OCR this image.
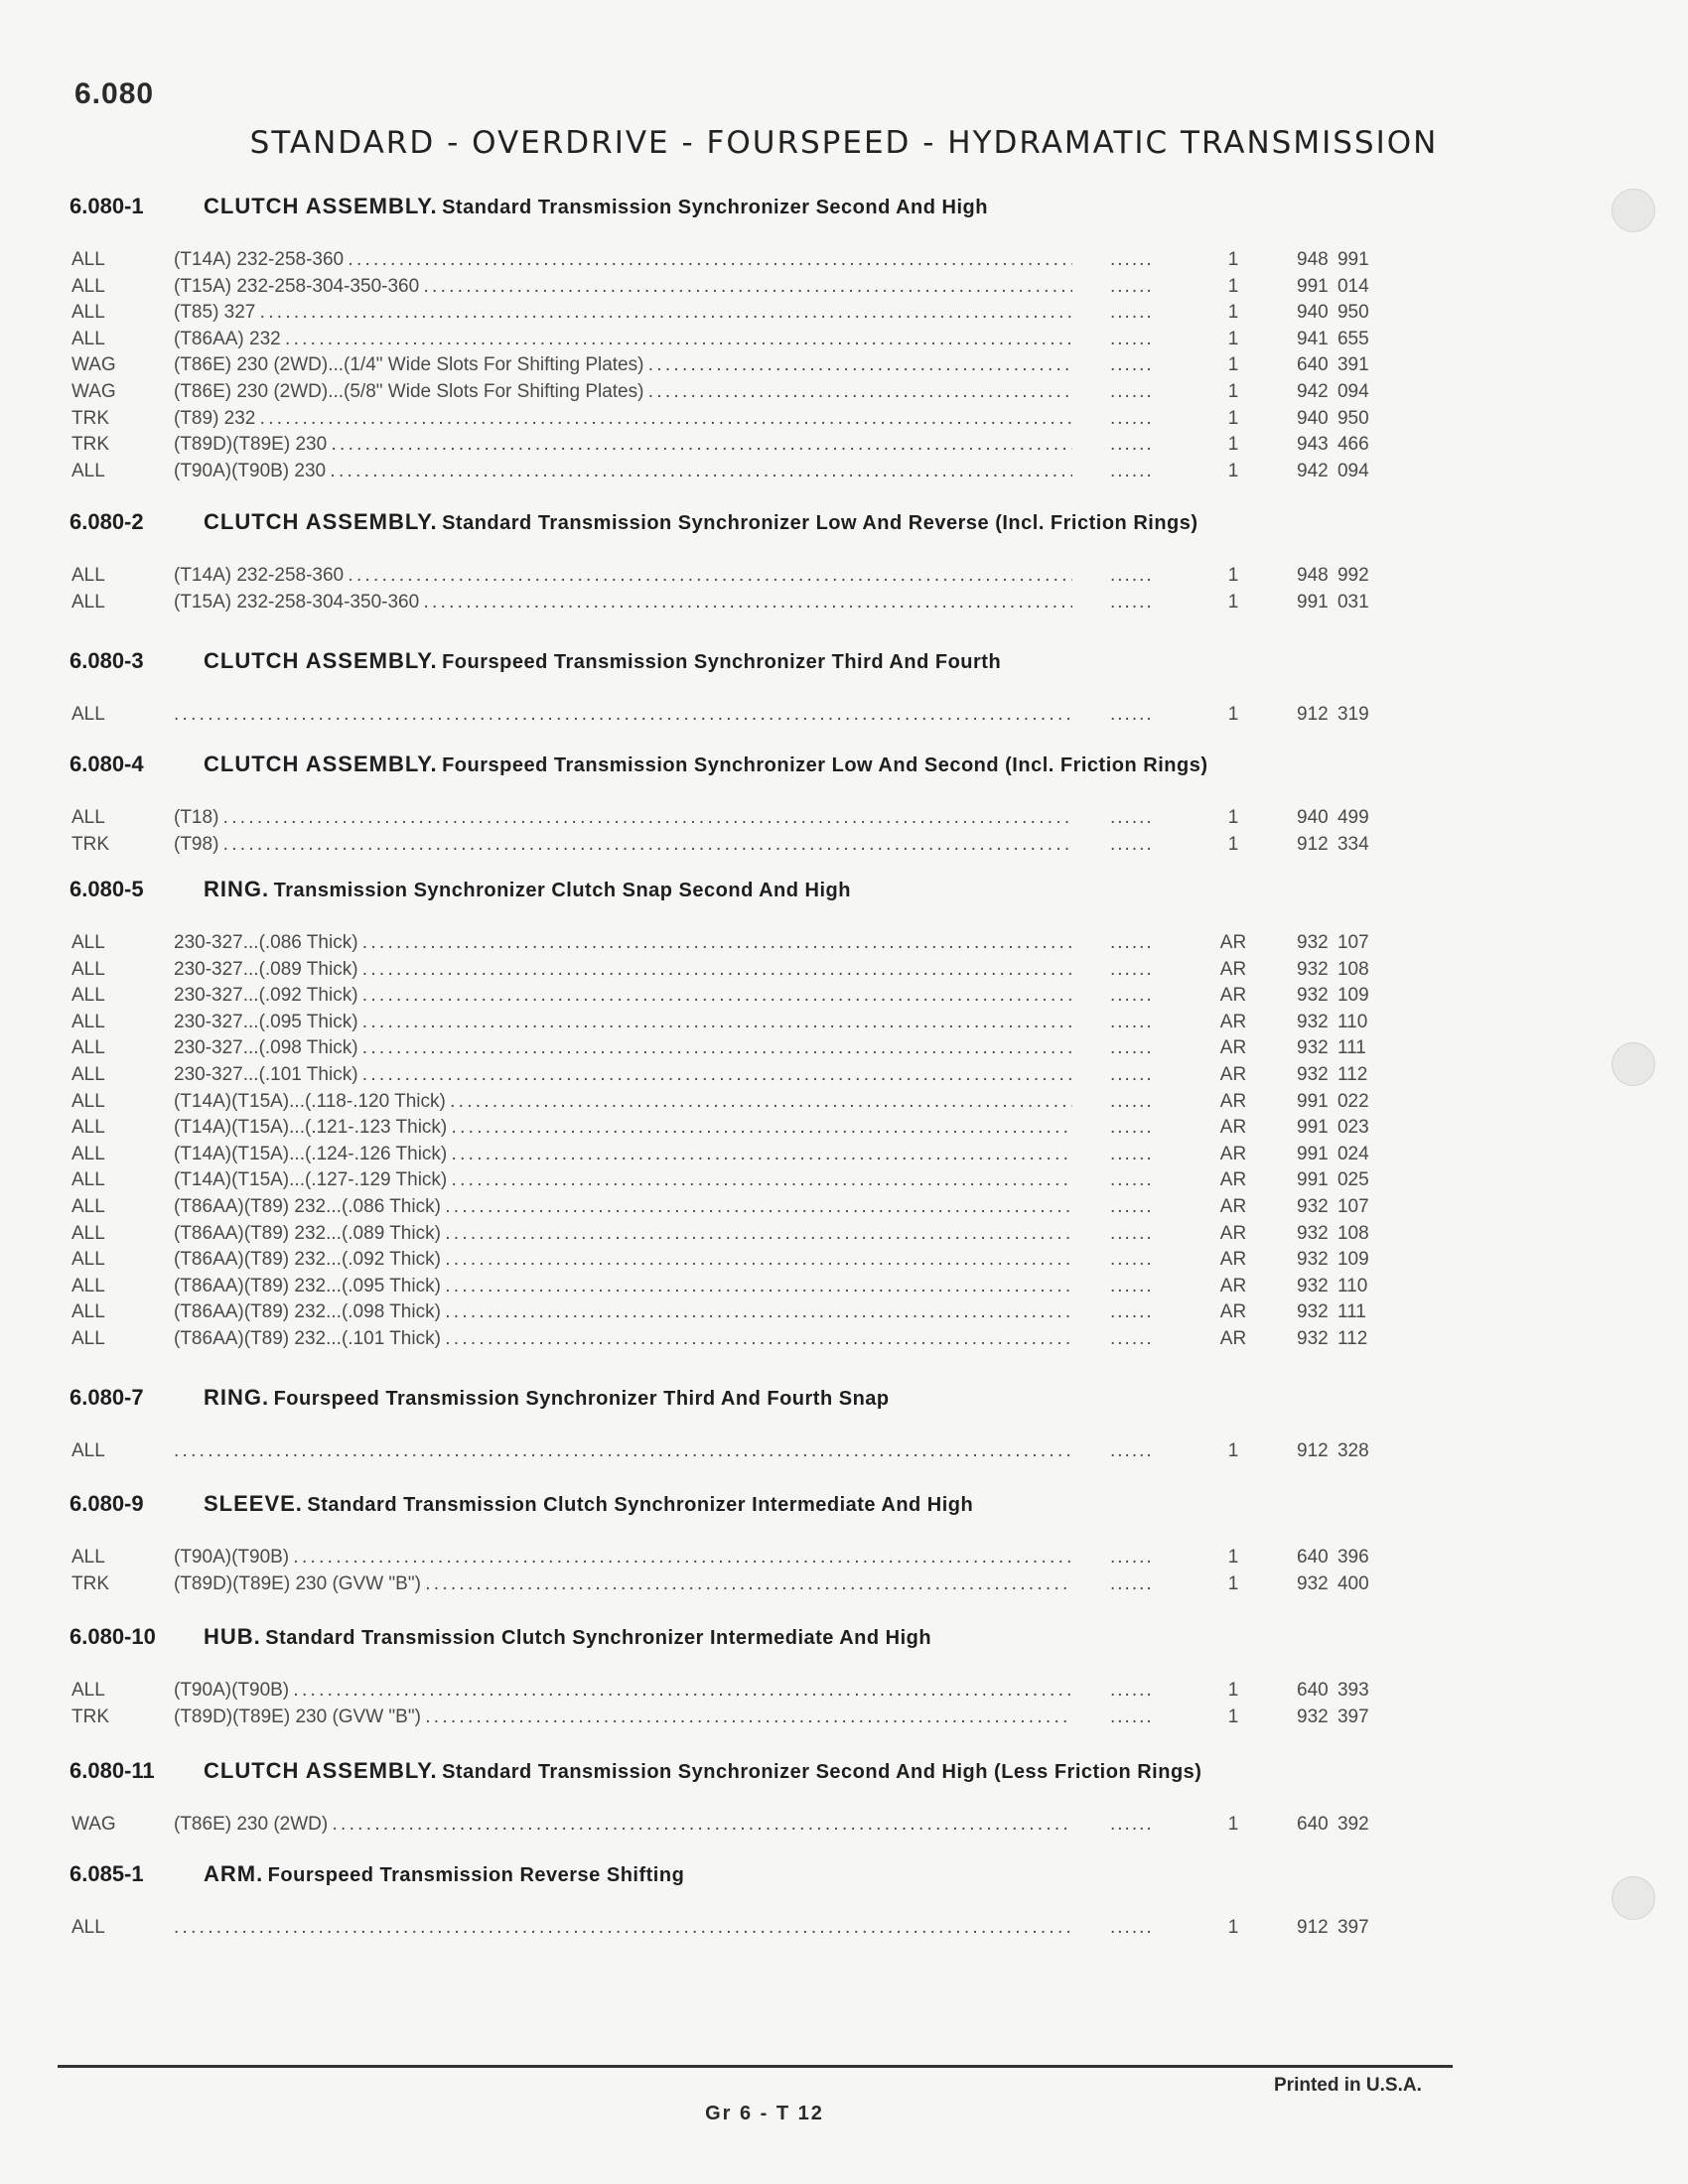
6.080
STANDARD - OVERDRIVE - FOURSPEED - HYDRAMATIC TRANSMISSION
6.080-1	CLUTCH ASSEMBLY. Standard Transmission Synchronizer Second And High
ALL	(T14A) 232-258-360 . . .	......	1	948 991
ALL	(T15A) 232-258-304-350-360 . . .	......	1	991 014
ALL	(T85) 327 . . .	......	1	940 950
ALL	(T86AA) 232 . . .	......	1	941 655
WAG	(T86E) 230 (2WD)...(1/4" Wide Slots For Shifting Plates) . . .	......	1	640 391
WAG	(T86E) 230 (2WD)...(5/8" Wide Slots For Shifting Plates) . . .	......	1	942 094
TRK	(T89) 232 . . .	......	1	940 950
TRK	(T89D)(T89E) 230 . . .	......	1	943 466
ALL	(T90A)(T90B) 230 . . .	......	1	942 094
6.080-2	CLUTCH ASSEMBLY. Standard Transmission Synchronizer Low And Reverse (Incl. Friction Rings)
ALL	(T14A) 232-258-360 . . .	......	1	948 992
ALL	(T15A) 232-258-304-350-360 . . .	......	1	991 031
6.080-3	CLUTCH ASSEMBLY. Fourspeed Transmission Synchronizer Third And Fourth
ALL . . .	......	1	912 319
6.080-4	CLUTCH ASSEMBLY. Fourspeed Transmission Synchronizer Low And Second (Incl. Friction Rings)
ALL	(T18) . . .	......	1	940 499
TRK	(T98) . . .	......	1	912 334
6.080-5	RING. Transmission Synchronizer Clutch Snap Second And High
ALL	230-327...(.086 Thick) . . .	......	AR	932 107
ALL	230-327...(.089 Thick) . . .	......	AR	932 108
ALL	230-327...(.092 Thick) . . .	......	AR	932 109
ALL	230-327...(.095 Thick) . . .	......	AR	932 110
ALL	230-327...(.098 Thick) . . .	......	AR	932 111
ALL	230-327...(.101 Thick) . . .	......	AR	932 112
ALL	(T14A)(T15A)...(.118-.120 Thick) . . .	......	AR	991 022
ALL	(T14A)(T15A)...(.121-.123 Thick) . . .	......	AR	991 023
ALL	(T14A)(T15A)...(.124-.126 Thick) . . .	......	AR	991 024
ALL	(T14A)(T15A)...(.127-.129 Thick) . . .	......	AR	991 025
ALL	(T86AA)(T89) 232...(.086 Thick) . . .	......	AR	932 107
ALL	(T86AA)(T89) 232...(.089 Thick) . . .	......	AR	932 108
ALL	(T86AA)(T89) 232...(.092 Thick) . . .	......	AR	932 109
ALL	(T86AA)(T89) 232...(.095 Thick) . . .	......	AR	932 110
ALL	(T86AA)(T89) 232...(.098 Thick) . . .	......	AR	932 111
ALL	(T86AA)(T89) 232...(.101 Thick) . . .	......	AR	932 112
6.080-7	RING. Fourspeed Transmission Synchronizer Third And Fourth Snap
ALL . . .	......	1	912 328
6.080-9	SLEEVE. Standard Transmission Clutch Synchronizer Intermediate And High
ALL	(T90A)(T90B) . . .	......	1	640 396
TRK	(T89D)(T89E) 230 (GVW "B") . . .	......	1	932 400
6.080-10 HUB. Standard Transmission Clutch Synchronizer Intermediate And High
ALL	(T90A)(T90B) . . .	......	1	640 393
TRK	(T89D)(T89E) 230 (GVW "B") . . .	......	1	932 397
6.080-11 CLUTCH ASSEMBLY. Standard Transmission Synchronizer Second And High (Less Friction Rings)
WAG	(T86E) 230 (2WD) . . .	......	1	640 392
6.085-1	ARM. Fourspeed Transmission Reverse Shifting
ALL . . .	......	1	912 397
Printed in U.S.A.
Gr 6 - T 12
